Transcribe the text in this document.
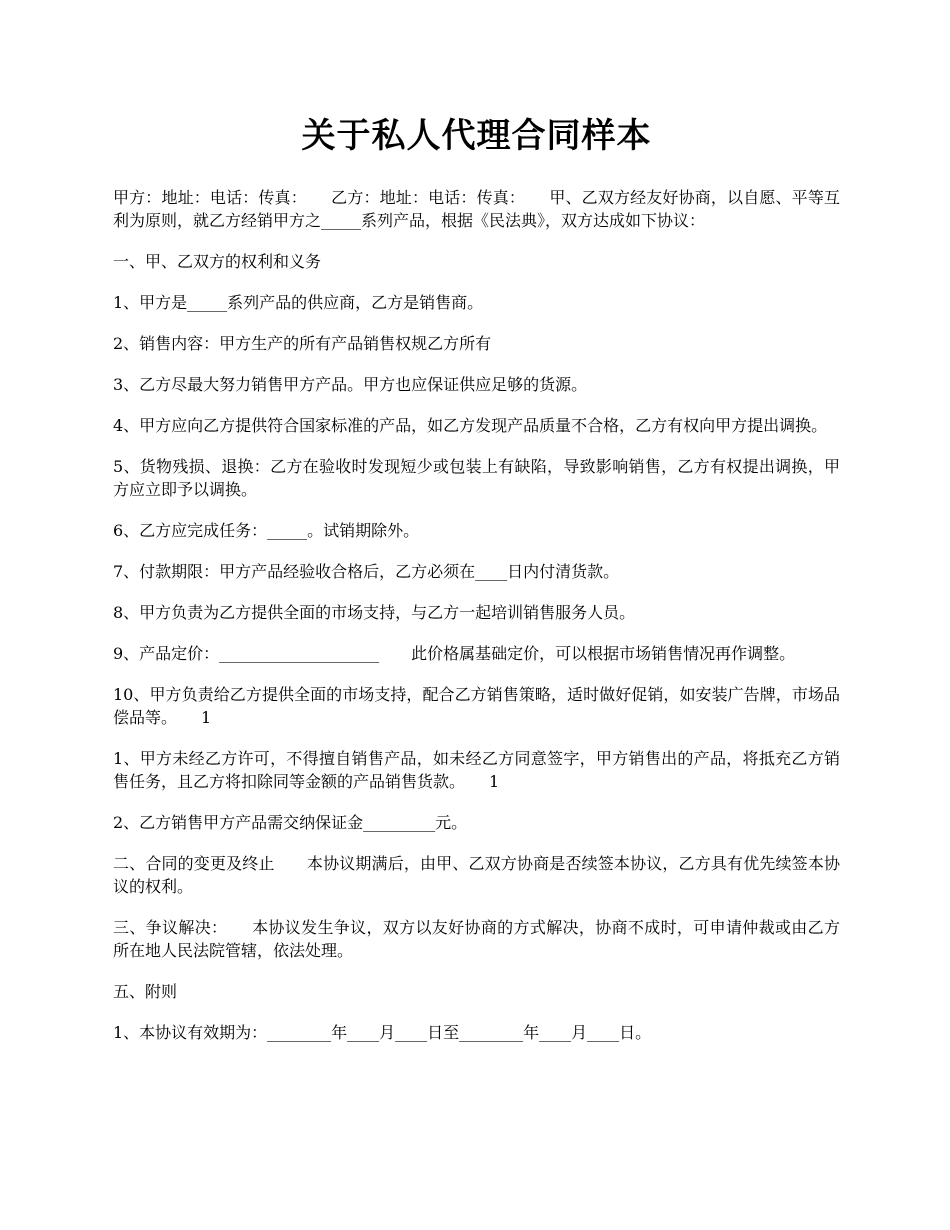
关于私人代理合同样本

甲方：地址：电话：传真：　　乙方：地址：电话：传真：　　甲、乙双方经友好协商，以自愿、平等互利为原则，就乙方经销甲方之_____系列产品，根据《民法典》，双方达成如下协议：

一、甲、乙双方的权利和义务

1、甲方是_____系列产品的供应商，乙方是销售商。

2、销售内容：甲方生产的所有产品销售权规乙方所有

3、乙方尽最大努力销售甲方产品。甲方也应保证供应足够的货源。

4、甲方应向乙方提供符合国家标准的产品，如乙方发现产品质量不合格，乙方有权向甲方提出调换。

5、货物残损、退换：乙方在验收时发现短少或包装上有缺陷，导致影响销售，乙方有权提出调换，甲方应立即予以调换。

6、乙方应完成任务：_____。试销期除外。

7、付款期限：甲方产品经验收合格后，乙方必须在____日内付清货款。

8、甲方负责为乙方提供全面的市场支持，与乙方一起培训销售服务人员。

9、产品定价：____________________　　此价格属基础定价，可以根据市场销售情况再作调整。

10、甲方负责给乙方提供全面的市场支持，配合乙方销售策略，适时做好促销，如安装广告牌，市场品偿品等。　　1

1、甲方未经乙方许可，不得擅自销售产品，如未经乙方同意签字，甲方销售出的产品，将抵充乙方销售任务，且乙方将扣除同等金额的产品销售货款。　　1

2、乙方销售甲方产品需交纳保证金_________元。

二、合同的变更及终止　　本协议期满后，由甲、乙双方协商是否续签本协议，乙方具有优先续签本协议的权利。

三、争议解决：　　本协议发生争议，双方以友好协商的方式解决，协商不成时，可申请仲裁或由乙方所在地人民法院管辖，依法处理。

五、附则

1、本协议有效期为：________年____月____日至________年____月____日。
